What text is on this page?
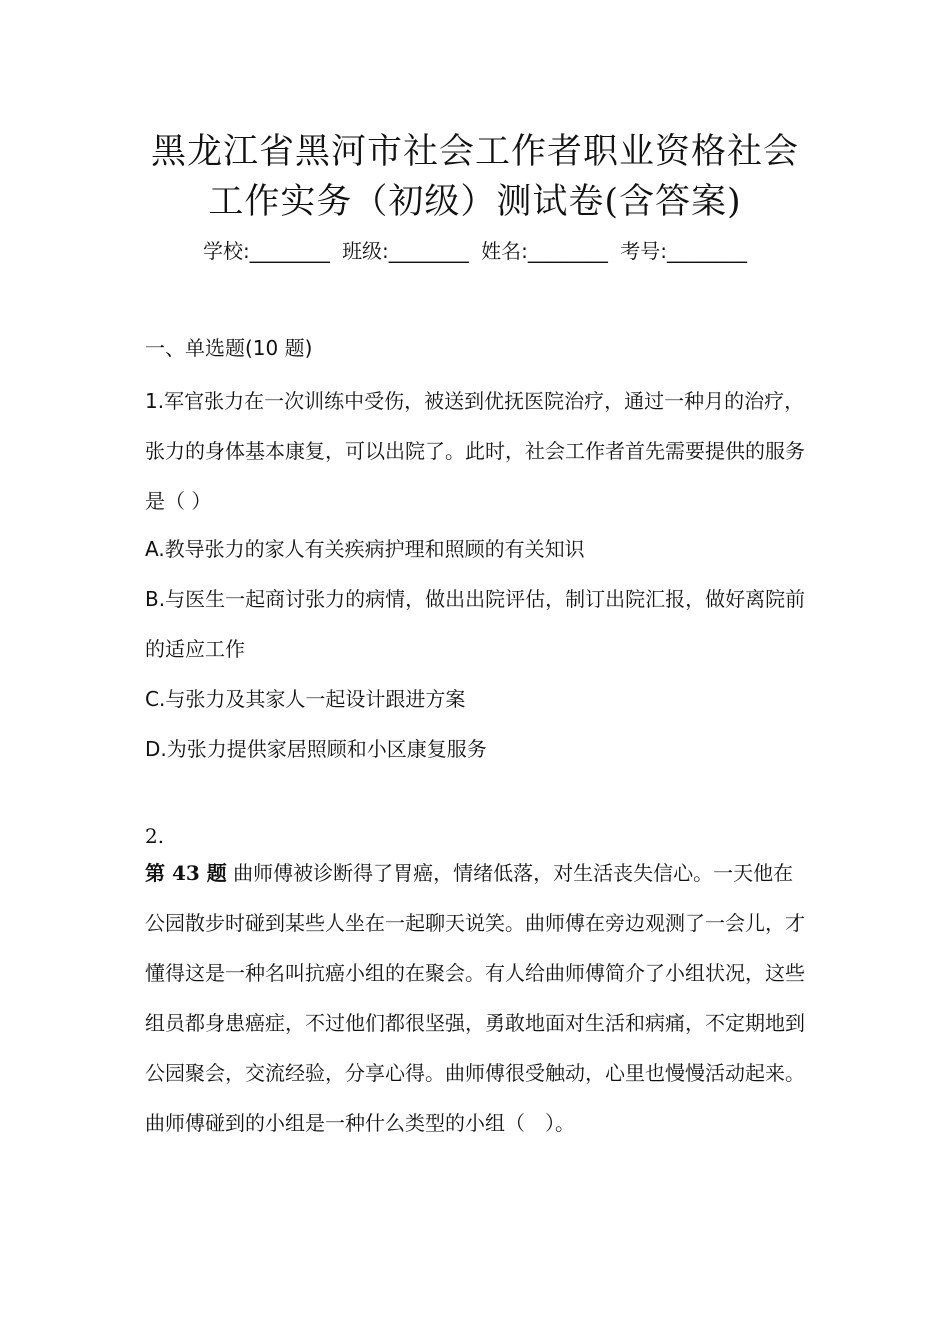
黑龙江省黑河市社会工作者职业资格社会
工作实务（初级）测试卷(含答案)
学校:________ 班级:________ 姓名:________ 考号:________
一、单选题(10 题)
1.军官张力在一次训练中受伤，被送到优抚医院治疗，通过一种月的治疗，张力的身体基本康复，可以出院了。此时，社会工作者首先需要提供的服务是（ ）
A.教导张力的家人有关疾病护理和照顾的有关知识
B.与医生一起商讨张力的病情，做出出院评估，制订出院汇报，做好离院前的适应工作
C.与张力及其家人一起设计跟进方案
D.为张力提供家居照顾和小区康复服务
2.
第 43 题 曲师傅被诊断得了胃癌，情绪低落，对生活丧失信心。一天他在公园散步时碰到某些人坐在一起聊天说笑。曲师傅在旁边观测了一会儿，才懂得这是一种名叫抗癌小组的在聚会。有人给曲师傅简介了小组状况，这些组员都身患癌症，不过他们都很坚强，勇敢地面对生活和病痛，不定期地到公园聚会，交流经验，分享心得。曲师傅很受触动，心里也慢慢活动起来。曲师傅碰到的小组是一种什么类型的小组（　）。
